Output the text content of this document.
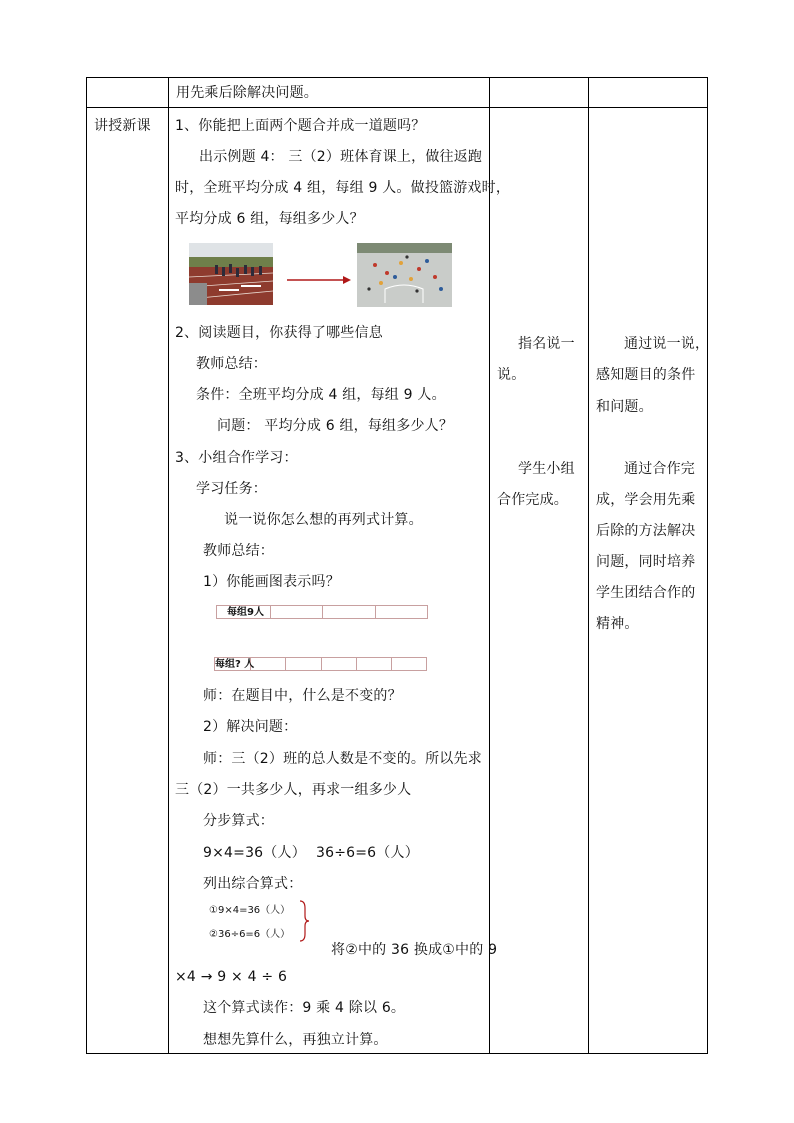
用先乘后除解决问题。
讲授新课 1、你能把上面两个题合并成一道题吗？
出示例题 4： 三（2）班体育课上，做往返跑
时，全班平均分成 4 组，每组 9 人。做投篮游戏时，
平均分成 6 组，每组多少人？
2、阅读题目，你获得了哪些信息
教师总结：
条件：全班平均分成 4 组，每组 9 人。
问题： 平均分成 6 组，每组多少人？
3、小组合作学习：
学习任务：
说一说你怎么想的再列式计算。
教师总结：
1）你能画图表示吗？
每组9人
每组? 人
师：在题目中，什么是不变的？
2）解决问题：
师：三（2）班的总人数是不变的。所以先求
三（2）一共多少人，再求一组多少人
分步算式：
9×4=36（人） 36÷6=6（人）
列出综合算式：
①9×4=36（人）
②36÷6=6（人）
将②中的 36 换成①中的 9
×4 → 9 × 4 ÷ 6
这个算式读作：9 乘 4 除以 6。
想想先算什么，再独立计算。
指名说一
说。
学生小组
合作完成。
通过说一说，
感知题目的条件
和问题。
通过合作完
成，学会用先乘
后除的方法解决
问题，同时培养
学生团结合作的
精神。
